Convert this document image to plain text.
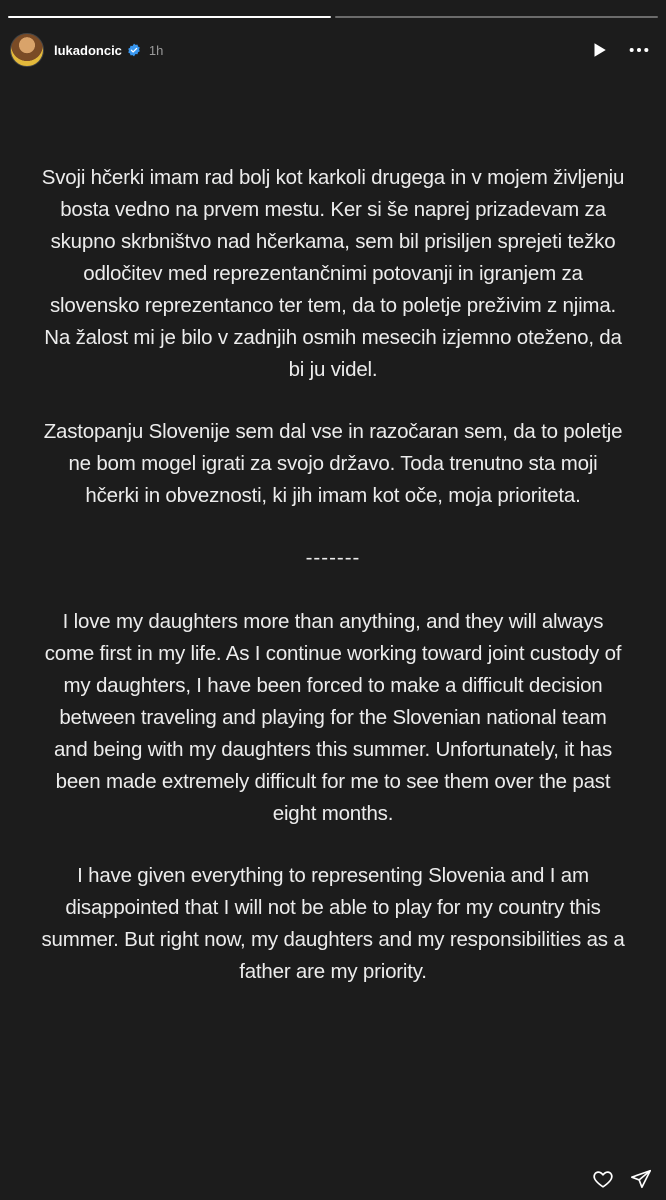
lukadoncic 1h

Svoji hčerki imam rad bolj kot karkoli drugega in v mojem življenju bosta vedno na prvem mestu. Ker si še naprej prizadevam za skupno skrbništvo nad hčerkama, sem bil prisiljen sprejeti težko odločitev med reprezentančnimi potovanji in igranjem za slovensko reprezentanco ter tem, da to poletje preživim z njima. Na žalost mi je bilo v zadnjih osmih mesecih izjemno oteženo, da bi ju videl.

Zastopanju Slovenije sem dal vse in razočaran sem, da to poletje ne bom mogel igrati za svojo državo. Toda trenutno sta moji hčerki in obveznosti, ki jih imam kot oče, moja prioriteta.

-------

I love my daughters more than anything, and they will always come first in my life. As I continue working toward joint custody of my daughters, I have been forced to make a difficult decision between traveling and playing for the Slovenian national team and being with my daughters this summer. Unfortunately, it has been made extremely difficult for me to see them over the past eight months.

I have given everything to representing Slovenia and I am disappointed that I will not be able to play for my country this summer. But right now, my daughters and my responsibilities as a father are my priority.
